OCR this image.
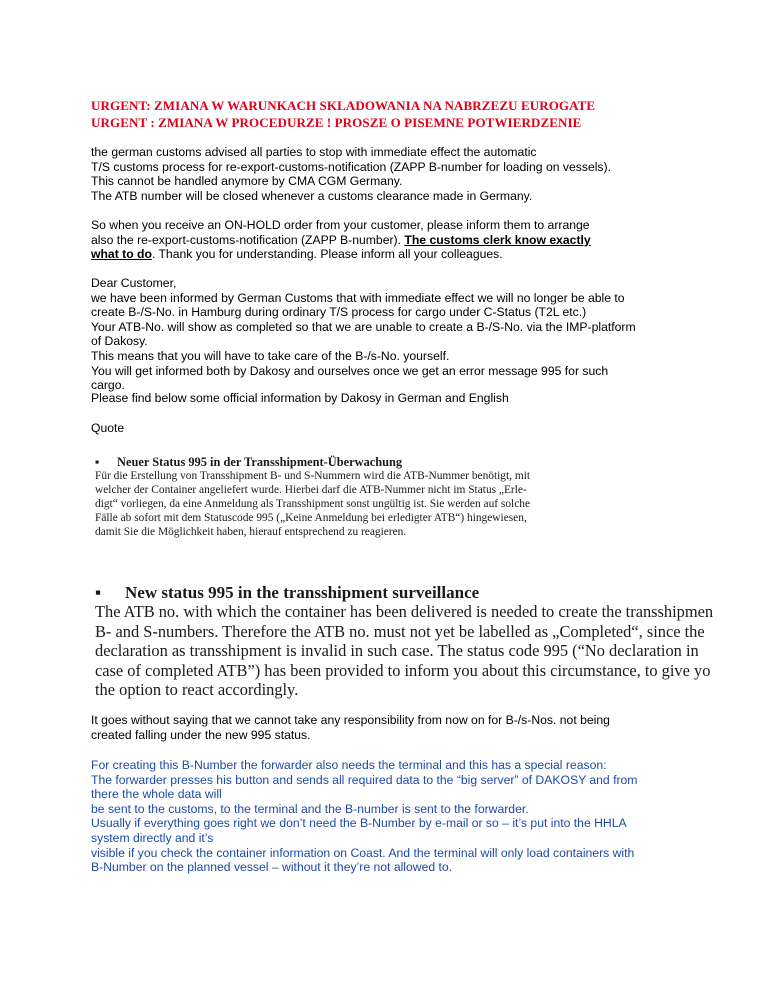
URGENT: ZMIANA W WARUNKACH SKLADOWANIA NA NABRZEZU EUROGATE
URGENT : ZMIANA W PROCEDURZE ! PROSZE O PISEMNE POTWIERDZENIE
the german customs advised all parties to stop with immediate effect the automatic
T/S customs process for re-export-customs-notification (ZAPP B-number for loading on vessels).
This cannot be handled anymore by CMA CGM Germany.
The ATB number will be closed whenever a customs clearance made in Germany.
So when you receive an ON-HOLD order from your customer, please inform them to arrange
also the re-export-customs-notification (ZAPP B-number). The customs clerk know exactly
what to do. Thank you for understanding. Please inform all your colleagues.
Dear Customer,
we have been informed by German Customs that with immediate effect we will no longer be able to
create B-/S-No. in Hamburg during ordinary T/S process for cargo under C-Status (T2L etc.)
Your ATB-No. will show as completed so that we are unable to create a B-/S-No. via the IMP-platform
of Dakosy.
This means that you will have to take care of the B-/s-No. yourself.
You will get informed both by Dakosy and ourselves once we get an error message 995 for such
cargo.
Please find below some official information by Dakosy in German and English
Quote
▪ Neuer Status 995 in der Transshipment-Überwachung
Für die Erstellung von Transshipment B- und S-Nummern wird die ATB-Nummer benötigt, mit
welcher der Container angeliefert wurde. Hierbei darf die ATB-Nummer nicht im Status „Erle-
digt“ vorliegen, da eine Anmeldung als Transshipment sonst ungültig ist. Sie werden auf solche
Fälle ab sofort mit dem Statuscode 995 („Keine Anmeldung bei erledigter ATB“) hingewiesen,
damit Sie die Möglichkeit haben, hierauf entsprechend zu reagieren.
▪ New status 995 in the transshipment surveillance
The ATB no. with which the container has been delivered is needed to create the transshipmen
B- and S-numbers. Therefore the ATB no. must not yet be labelled as „Completed“, since the
declaration as transshipment is invalid in such case. The status code 995 (“No declaration in
case of completed ATB”) has been provided to inform you about this circumstance, to give yo
the option to react accordingly.
It goes without saying that we cannot take any responsibility from now on for B-/s-Nos. not being
created falling under the new 995 status.
For creating this B-Number the forwarder also needs the terminal and this has a special reason:
The forwarder presses his button and sends all required data to the “big server” of DAKOSY and from
there the whole data will
be sent to the customs, to the terminal and the B-number is sent to the forwarder.
Usually if everything goes right we don’t need the B-Number by e-mail or so – it’s put into the HHLA
system directly and it’s
visible if you check the container information on Coast. And the terminal will only load containers with
B-Number on the planned vessel – without it they’re not allowed to.
